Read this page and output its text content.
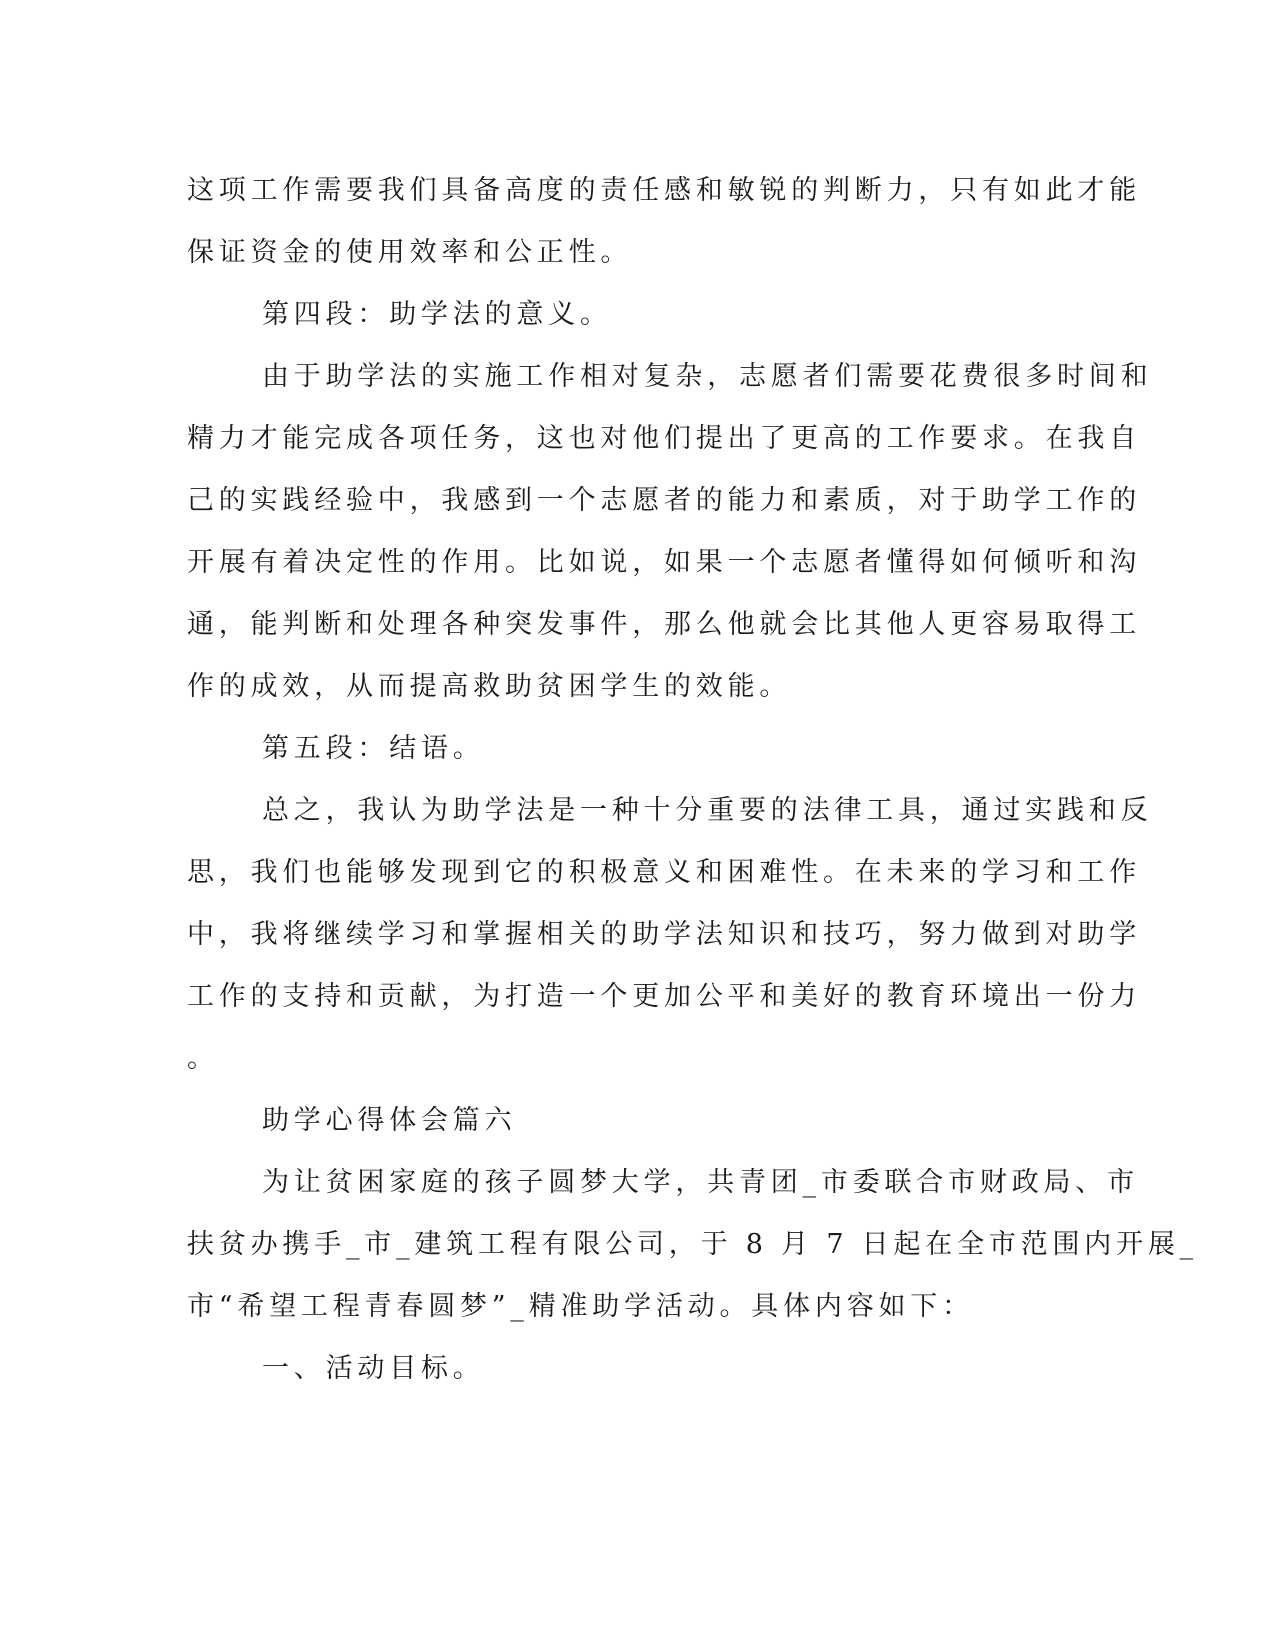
这项工作需要我们具备高度的责任感和敏锐的判断力，只有如此才能
保证资金的使用效率和公正性。

第四段：助学法的意义。

由于助学法的实施工作相对复杂，志愿者们需要花费很多时间和
精力才能完成各项任务，这也对他们提出了更高的工作要求。在我自
己的实践经验中，我感到一个志愿者的能力和素质，对于助学工作的
开展有着决定性的作用。比如说，如果一个志愿者懂得如何倾听和沟
通，能判断和处理各种突发事件，那么他就会比其他人更容易取得工
作的成效，从而提高救助贫困学生的效能。

第五段：结语。

总之，我认为助学法是一种十分重要的法律工具，通过实践和反
思，我们也能够发现到它的积极意义和困难性。在未来的学习和工作
中，我将继续学习和掌握相关的助学法知识和技巧，努力做到对助学
工作的支持和贡献，为打造一个更加公平和美好的教育环境出一份力
。

助学心得体会篇六

为让贫困家庭的孩子圆梦大学，共青团_市委联合市财政局、市
扶贫办携手_市_建筑工程有限公司，于 8 月 7 日起在全市范围内开展_
市“希望工程青春圆梦”_精准助学活动。具体内容如下：

一、活动目标。
